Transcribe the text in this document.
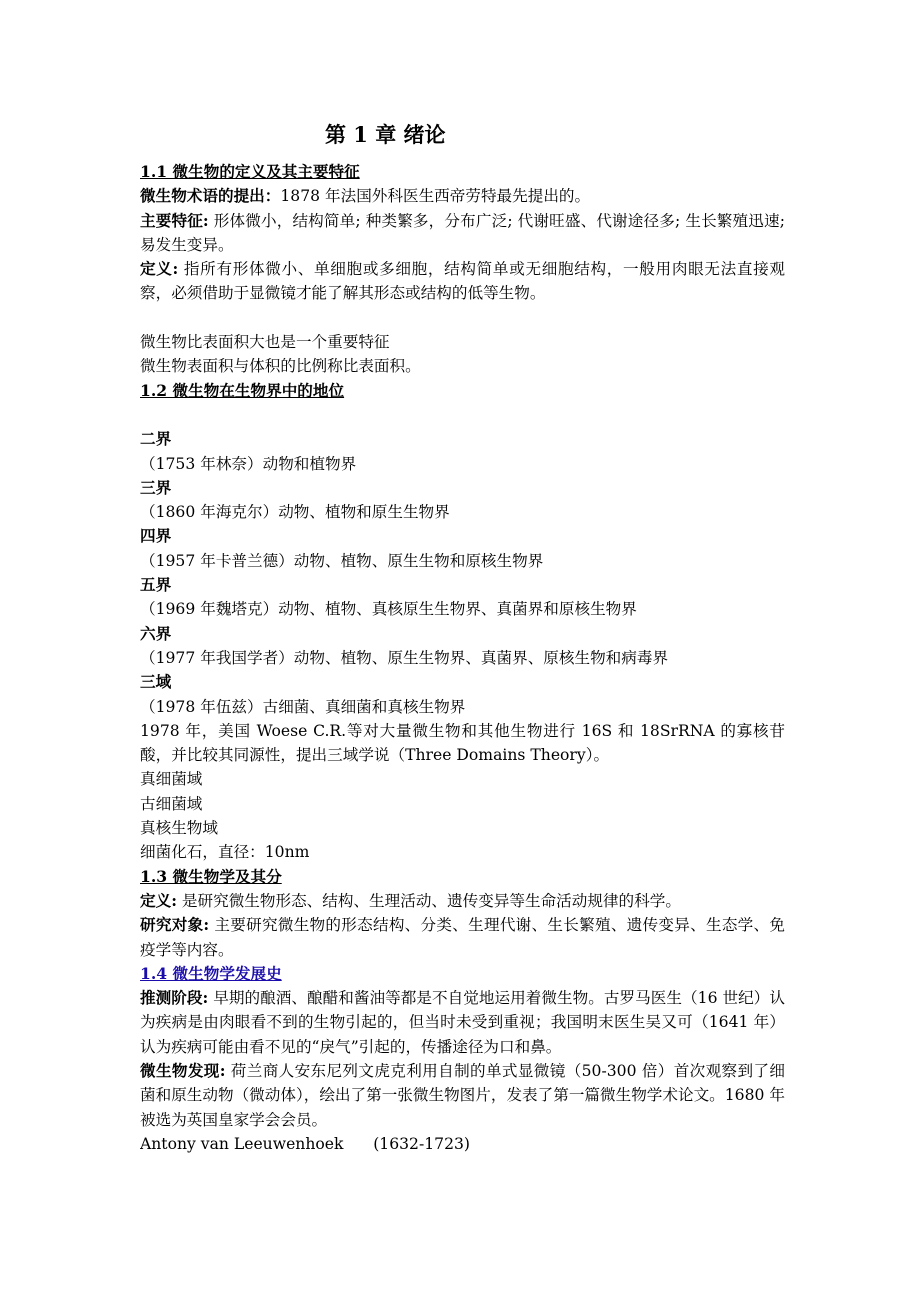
第 1 章 绪论
1.1 微生物的定义及其主要特征
微生物术语的提出：1878 年法国外科医生西帝劳特最先提出的。
主要特征: 形体微小，结构简单; 种类繁多，分布广泛; 代谢旺盛、代谢途径多; 生长繁殖迅速; 易发生变异。
定义: 指所有形体微小、单细胞或多细胞，结构简单或无细胞结构，一般用肉眼无法直接观察，必须借助于显微镜才能了解其形态或结构的低等生物。
微生物比表面积大也是一个重要特征
微生物表面积与体积的比例称比表面积。
1.2 微生物在生物界中的地位
二界
（1753 年林奈）动物和植物界
三界
（1860 年海克尔）动物、植物和原生生物界
四界
（1957 年卡普兰德）动物、植物、原生生物和原核生物界
五界
（1969 年魏塔克）动物、植物、真核原生生物界、真菌界和原核生物界
六界
（1977 年我国学者）动物、植物、原生生物界、真菌界、原核生物和病毒界
三域
（1978 年伍兹）古细菌、真细菌和真核生物界
1978 年，美国 Woese C.R.等对大量微生物和其他生物进行 16S 和 18SrRNA 的寡核苷酸，并比较其同源性，提出三域学说（Three Domains Theory）。
真细菌域
古细菌域
真核生物域
细菌化石，直径：10nm
1.3 微生物学及其分
定义: 是研究微生物形态、结构、生理活动、遗传变异等生命活动规律的科学。
研究对象: 主要研究微生物的形态结构、分类、生理代谢、生长繁殖、遗传变异、生态学、免疫学等内容。
1.4 微生物学发展史
推测阶段: 早期的酿酒、酿醋和酱油等都是不自觉地运用着微生物。古罗马医生（16 世纪）认为疾病是由肉眼看不到的生物引起的，但当时未受到重视；我国明末医生吴又可（1641 年）认为疾病可能由看不见的“戾气”引起的，传播途径为口和鼻。
微生物发现: 荷兰商人安东尼列文虎克利用自制的单式显微镜（50-300 倍）首次观察到了细菌和原生动物（微动体），绘出了第一张微生物图片，发表了第一篇微生物学术论文。1680 年被选为英国皇家学会会员。
Antony van Leeuwenhoek      (1632-1723)
